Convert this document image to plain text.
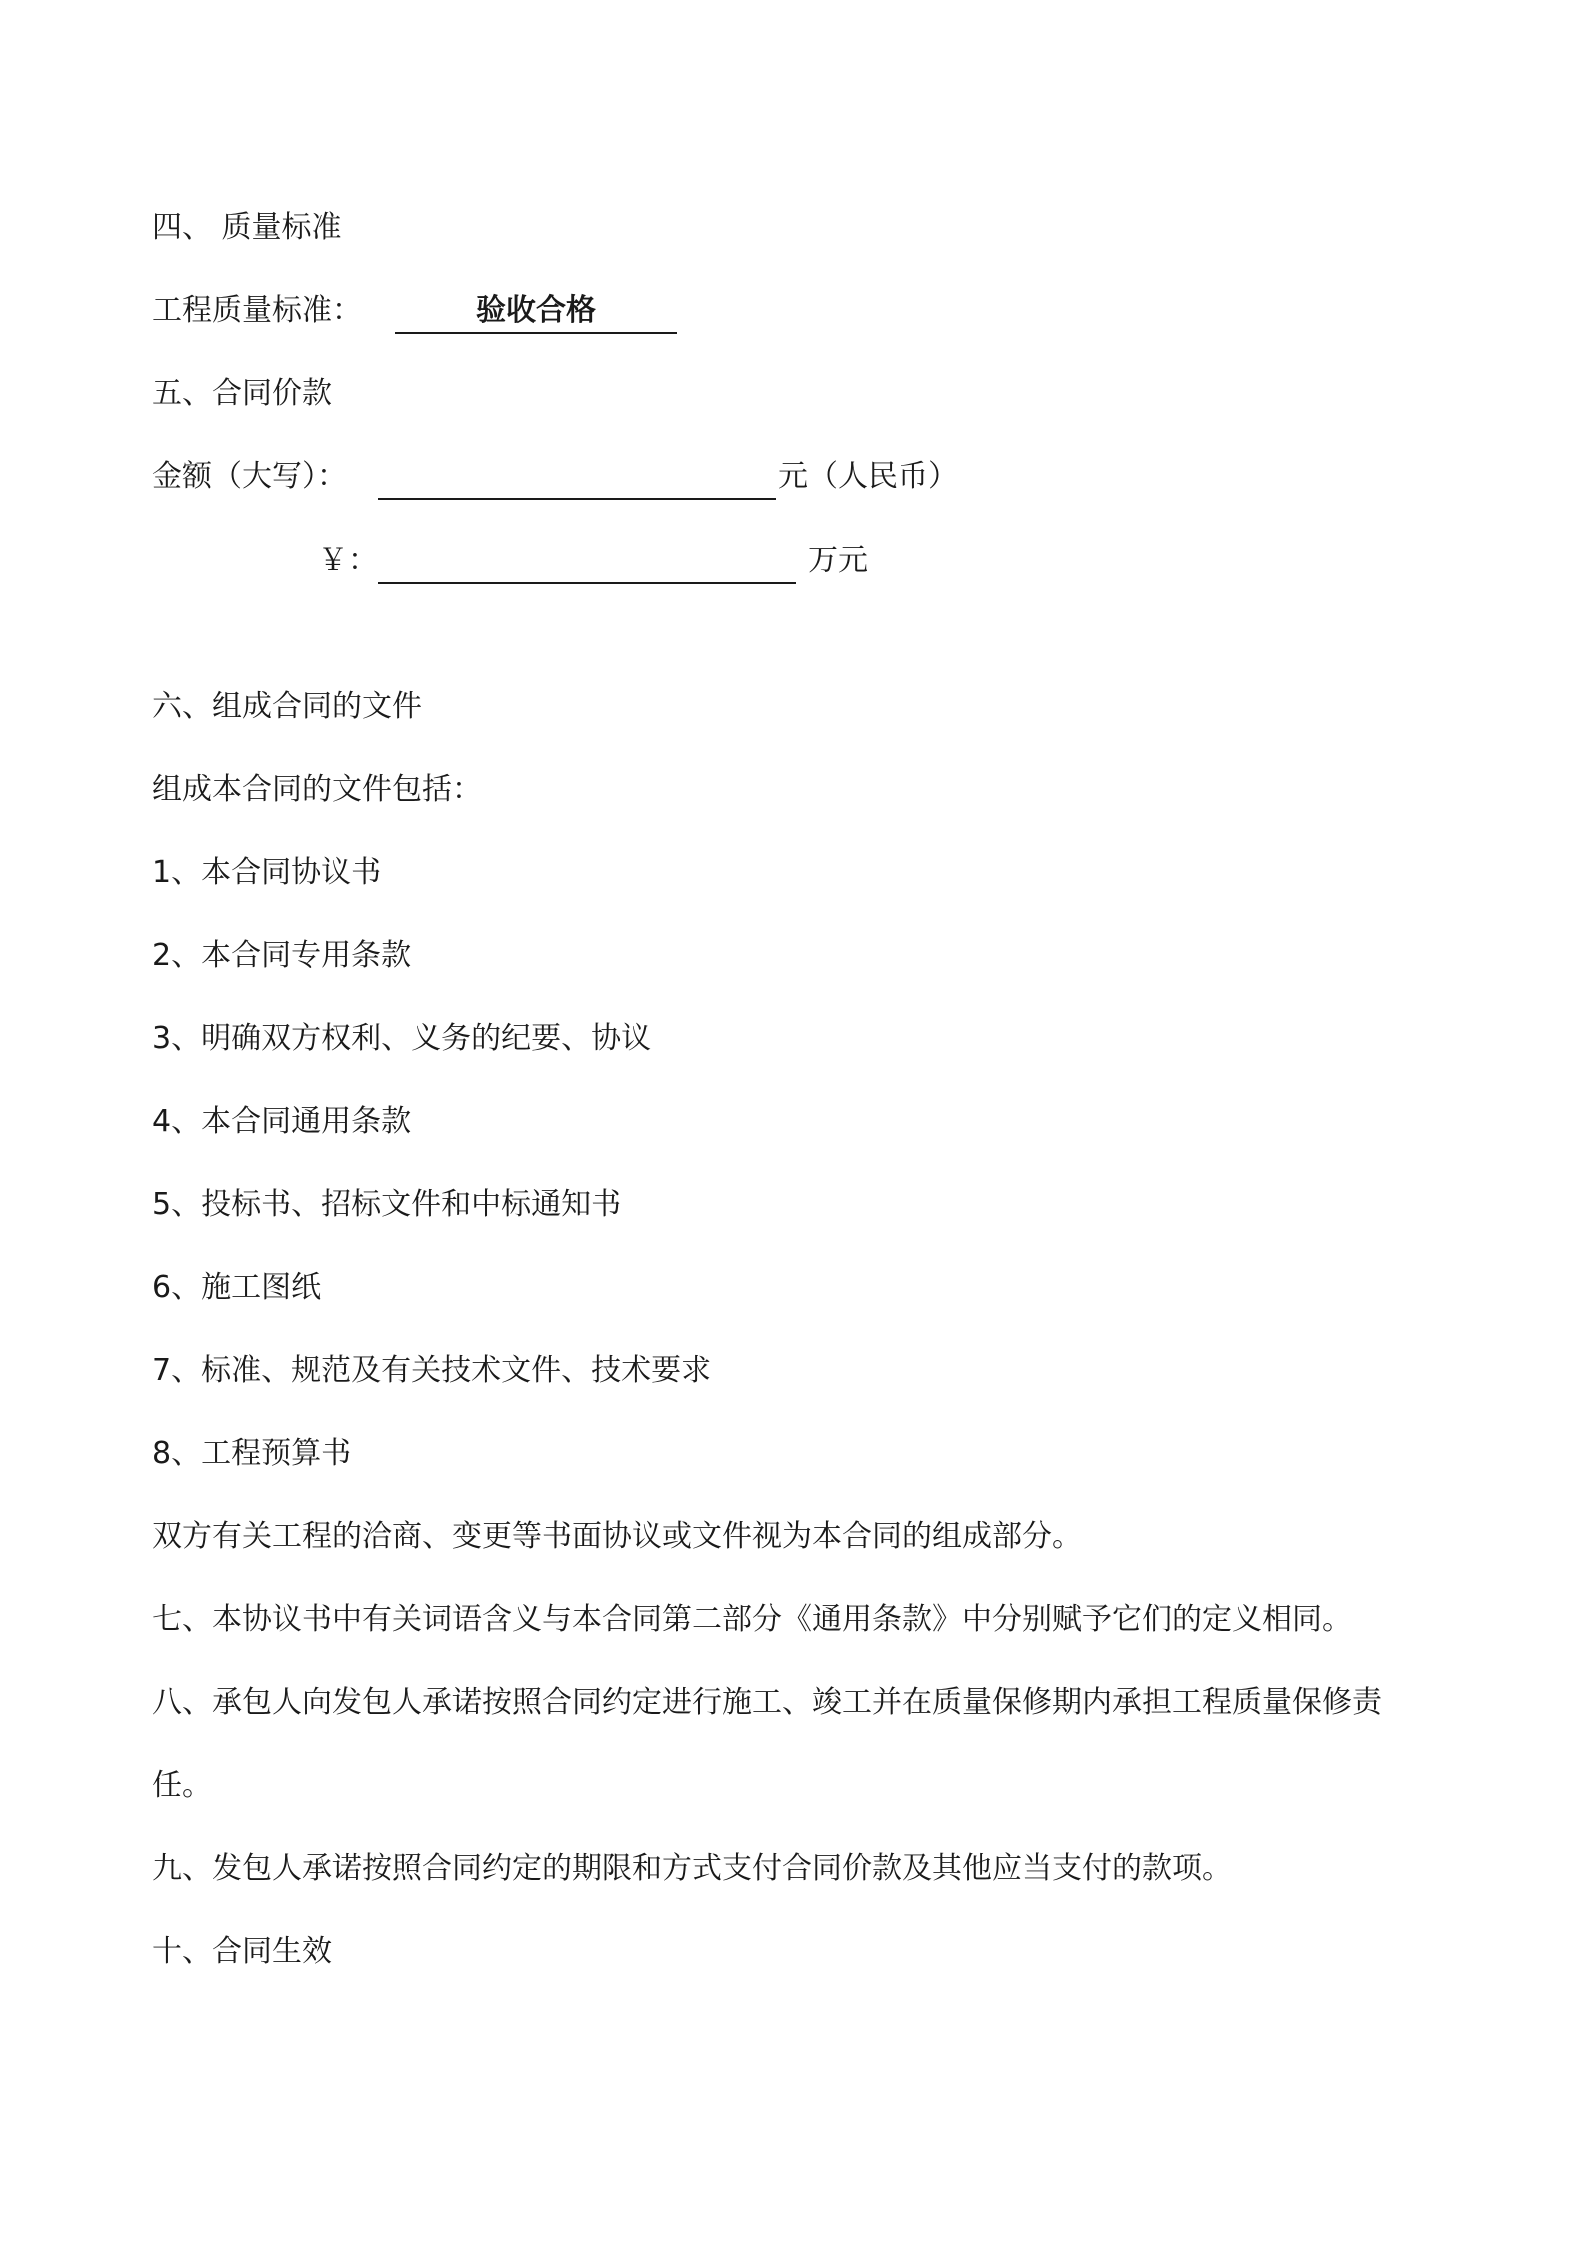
四、 质量标准
工程质量标准：	验收合格
五、合同价款
金额（大写）：	元（人民币）
￥：	万元
六、组成合同的文件
组成本合同的文件包括：
1、本合同协议书
2、本合同专用条款
3、明确双方权利、义务的纪要、协议
4、本合同通用条款
5、投标书、招标文件和中标通知书
6、施工图纸
7、标准、规范及有关技术文件、技术要求
8、工程预算书
双方有关工程的洽商、变更等书面协议或文件视为本合同的组成部分。
七、本协议书中有关词语含义与本合同第二部分《通用条款》中分别赋予它们的定义相同。
八、承包人向发包人承诺按照合同约定进行施工、竣工并在质量保修期内承担工程质量保修责
任。
九、发包人承诺按照合同约定的期限和方式支付合同价款及其他应当支付的款项。
十、合同生效
